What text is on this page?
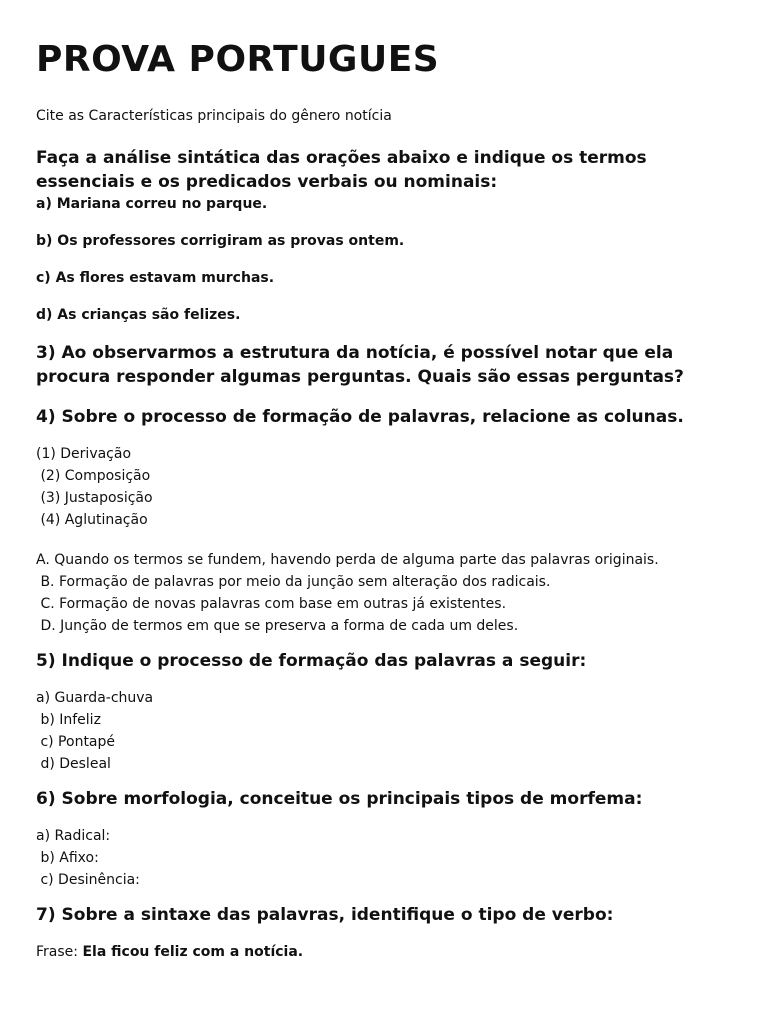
PROVA PORTUGUES

Cite as Características principais do gênero notícia

Faça a análise sintática das orações abaixo e indique os termos essenciais e os predicados verbais ou nominais:

a) Mariana correu no parque.

b) Os professores corrigiram as provas ontem.

c) As flores estavam murchas.

d) As crianças são felizes.

3) Ao observarmos a estrutura da notícia, é possível notar que ela procura responder algumas perguntas. Quais são essas perguntas?

4) Sobre o processo de formação de palavras, relacione as colunas.

(1) Derivação
(2) Composição
(3) Justaposição
(4) Aglutinação
A. Quando os termos se fundem, havendo perda de alguma parte das palavras originais.
B. Formação de palavras por meio da junção sem alteração dos radicais.
C. Formação de novas palavras com base em outras já existentes.
D. Junção de termos em que se preserva a forma de cada um deles.

5) Indique o processo de formação das palavras a seguir:

a) Guarda-chuva
b) Infeliz
c) Pontapé
d) Desleal

6) Sobre morfologia, conceitue os principais tipos de morfema:

a) Radical:
b) Afixo:
c) Desinência:

7) Sobre a sintaxe das palavras, identifique o tipo de verbo:

Frase: Ela ficou feliz com a notícia.
